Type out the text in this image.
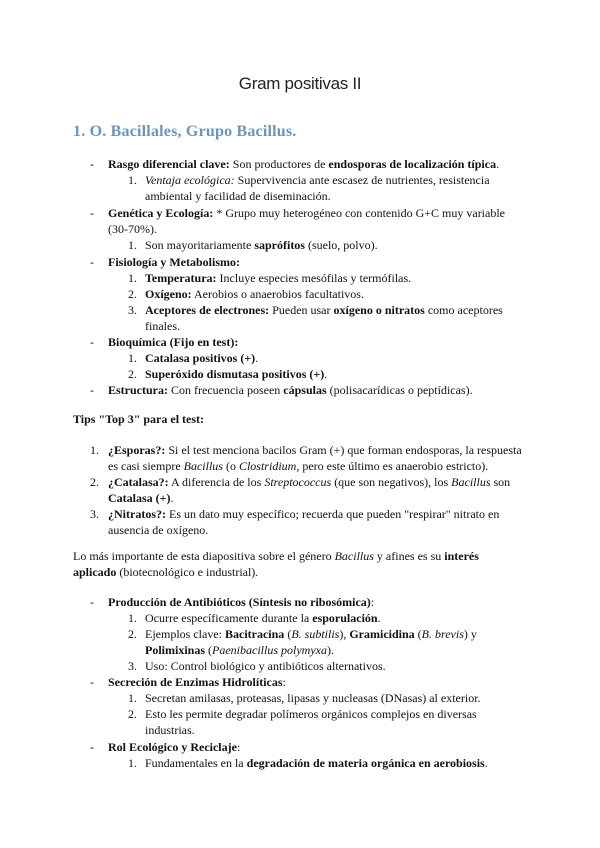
Gram positivas II
1. O. Bacillales, Grupo Bacillus.
- Rasgo diferencial clave: Son productores de endosporas de localización típica.
1. Ventaja ecológica: Supervivencia ante escasez de nutrientes, resistencia
ambiental y facilidad de diseminación.
- Genética y Ecología: * Grupo muy heterogéneo con contenido G+C muy variable
(30-70%).
1. Son mayoritariamente saprófitos (suelo, polvo).
- Fisiología y Metabolismo:
1. Temperatura: Incluye especies mesófilas y termófilas.
2. Oxígeno: Aerobios o anaerobios facultativos.
3. Aceptores de electrones: Pueden usar oxígeno o nitratos como aceptores
finales.
- Bioquímica (Fijo en test):
1. Catalasa positivos (+).
2. Superóxido dismutasa positivos (+).
- Estructura: Con frecuencia poseen cápsulas (polisacarídicas o peptídicas).
Tips "Top 3" para el test:
1. ¿Esporas?: Si el test menciona bacilos Gram (+) que forman endosporas, la respuesta
es casi siempre Bacillus (o Clostridium, pero este último es anaerobio estricto).
2. ¿Catalasa?: A diferencia de los Streptococcus (que son negativos), los Bacillus son
Catalasa (+).
3. ¿Nitratos?: Es un dato muy específico; recuerda que pueden "respirar" nitrato en
ausencia de oxígeno.
Lo más importante de esta diapositiva sobre el género Bacillus y afines es su interés
aplicado (biotecnológico e industrial).
- Producción de Antibióticos (Síntesis no ribosómica):
1. Ocurre específicamente durante la esporulación.
2. Ejemplos clave: Bacitracina (B. subtilis), Gramicidina (B. brevis) y
Polimixinas (Paenibacillus polymyxa).
3. Uso: Control biológico y antibióticos alternativos.
- Secreción de Enzimas Hidrolíticas:
1. Secretan amilasas, proteasas, lipasas y nucleasas (DNasas) al exterior.
2. Esto les permite degradar polímeros orgánicos complejos en diversas
industrias.
- Rol Ecológico y Reciclaje:
1. Fundamentales en la degradación de materia orgánica en aerobiosis.
